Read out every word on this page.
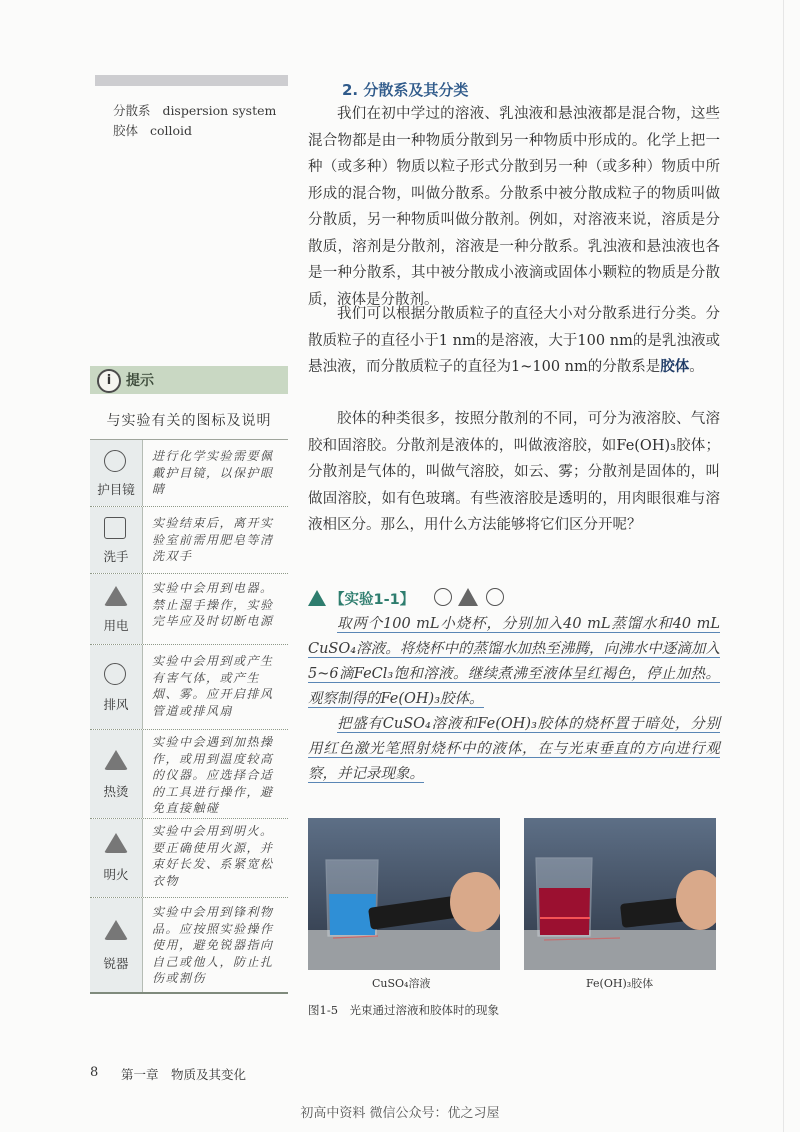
分散系 dispersion system
胶体 colloid
i	提示
与实验有关的图标及说明
护目镜
进行化学实验需要佩戴护目镜，以保护眼睛
洗手
实验结束后，离开实验室前需用肥皂等清洗双手
用电
实验中会用到电器。禁止湿手操作，实验完毕应及时切断电源
排风
实验中会用到或产生有害气体，或产生烟、雾。应开启排风管道或排风扇
热烫
实验中会遇到加热操作，或用到温度较高的仪器。应选择合适的工具进行操作，避免直接触碰
明火
实验中会用到明火。要正确使用火源，并束好长发、系紧宽松衣物
锐器
实验中会用到锋利物品。应按照实验操作使用，避免锐器指向自己或他人，防止扎伤或割伤
2. 分散系及其分类
我们在初中学过的溶液、乳浊液和悬浊液都是混合物，这些混合物都是由一种物质分散到另一种物质中形成的。化学上把一种（或多种）物质以粒子形式分散到另一种（或多种）物质中所形成的混合物，叫做分散系。分散系中被分散成粒子的物质叫做分散质，另一种物质叫做分散剂。例如，对溶液来说，溶质是分散质，溶剂是分散剂，溶液是一种分散系。乳浊液和悬浊液也各是一种分散系，其中被分散成小液滴或固体小颗粒的物质是分散质，液体是分散剂。
我们可以根据分散质粒子的直径大小对分散系进行分类。分散质粒子的直径小于1 nm的是溶液，大于100 nm的是乳浊液或悬浊液，而分散质粒子的直径为1~100 nm的分散系是胶体。
胶体的种类很多，按照分散剂的不同，可分为液溶胶、气溶胶和固溶胶。分散剂是液体的，叫做液溶胶，如Fe(OH)₃胶体；分散剂是气体的，叫做气溶胶，如云、雾；分散剂是固体的，叫做固溶胶，如有色玻璃。有些液溶胶是透明的，用肉眼很难与溶液相区分。那么，用什么方法能够将它们区分开呢？
【实验1-1】
取两个100 mL小烧杯，分别加入40 mL蒸馏水和40 mL CuSO₄溶液。将烧杯中的蒸馏水加热至沸腾，向沸水中逐滴加入5~6滴FeCl₃饱和溶液。继续煮沸至液体呈红褐色，停止加热。观察制得的Fe(OH)₃胶体。
把盛有CuSO₄溶液和Fe(OH)₃胶体的烧杯置于暗处，分别用红色激光笔照射烧杯中的液体，在与光束垂直的方向进行观察，并记录现象。
CuSO₄溶液	Fe(OH)₃胶体
图1-5　光束通过溶液和胶体时的现象
8 第一章　物质及其变化
初高中资料 微信公众号：优之习屋
